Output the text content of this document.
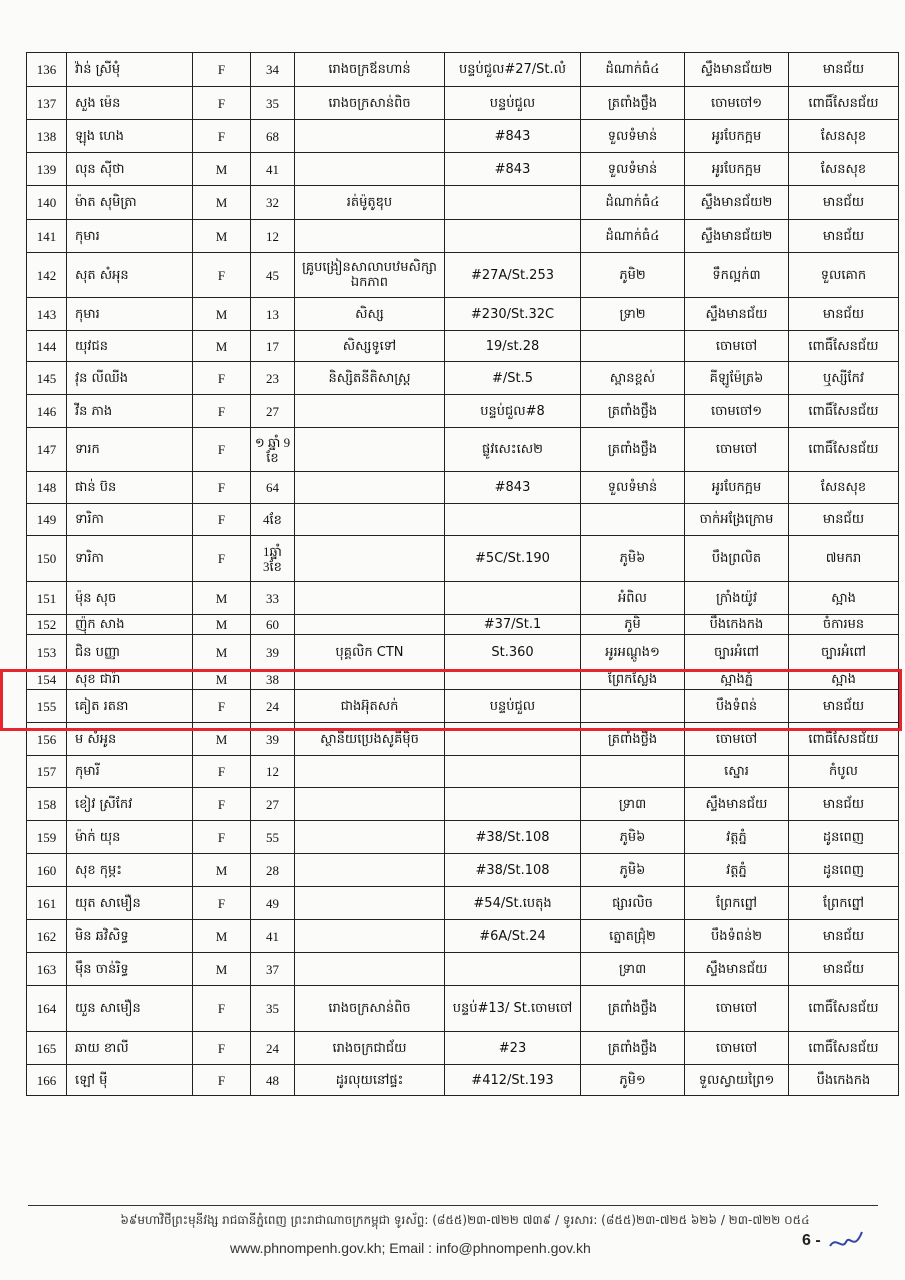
136	វ៉ាន់ ស្រីមុំ	F	34	រោងចក្រឪនហាន់	បន្ទប់ជួល#27/St.លំ	ដំណាក់ធំ៤	ស្ទឹងមានជ័យ២	មានជ័យ
137	សួង ម៉េន	F	35	រោងចក្រសាន់ពិច	បន្ទប់ជួល	ត្រពាំងថ្លឹង	ចោមចៅ១	ពោធិ៍សែនជ័យ
138	ឡុង ហេង	F	68		#843	ទួលទំមាន់	អូរបែកក្អម	សែនសុខ
139	លុន ស៊ីថា	M	41		#843	ទួលទំមាន់	អូរបែកក្អម	សែនសុខ
140	ម៉ាត សុមិត្រា	M	32	រត់ម៉ូតូឌុប		ដំណាក់ធំ៤	ស្ទឹងមានជ័យ២	មានជ័យ
141	កុមារ	M	12			ដំណាក់ធំ៤	ស្ទឹងមានជ័យ២	មានជ័យ
142	សុត សំអុន	F	45	គ្រូបង្រៀនសាលាបឋមសិក្សាឯកភាព	#27A/St.253	ភូមិ២	ទឹកល្អក់៣	ទួលគោក
143	កុមារ	M	13	សិស្ស	#230/St.32C	ទ្រា២	ស្ទឹងមានជ័យ	មានជ័យ
144	យុវជន	M	17	សិស្សទូទៅ	19/st.28		ចោមចៅ	ពោធិ៍សែនជ័យ
145	វុន លីឈីង	F	23	និស្សិតនីតិសាស្ត្រ	#/St.5	ស្ពានខ្ពស់	គីឡូម៉ែត្រ៦	ឬស្សីកែវ
146	វីន ភាង	F	27		បន្ទប់ជួល#8	ត្រពាំងថ្លឹង	ចោមចៅ១	ពោធិ៍សែនជ័យ
147	ទារក	F	១ ឆ្នាំ 9 ខែ		ផ្លូវសេះសេ២	ត្រពាំងថ្លឹង	ចោមចៅ	ពោធិ៍សែនជ័យ
148	ផាន់ ប៊ន	F	64		#843	ទួលទំមាន់	អូរបែកក្អម	សែនសុខ
149	ទារិកា	F	4ខែ				ចាក់អង្រែក្រោម	មានជ័យ
150	ទារិកា	F	1ឆ្នាំ 3ខែ		#5C/St.190	ភូមិ៦	បឹងព្រលិត	៧មករា
151	ម៉ុន សុច	M	33			អំពិល	ក្រាំងយ៉ូវ	ស្អាង
152	ញ៉ុក សាង	M	60		#37/St.1	ភូមិ	បឹងកេងកង	ចំការមន
153	ជិន បញ្ញា	M	39	បុគ្គលិក CTN	St.360	អូរអណ្ដូង១	ច្បារអំពៅ	ច្បារអំពៅ
154	សុខ ជារ៉ា	M	38			ព្រែកស្លែង	ស្អាងភ្នំ	ស្អាង
155	គៀត រតនា	F	24	ជាងអ៊ុតសក់	បន្ទប់ជួល		បឹងទំពន់	មានជ័យ
156	ម សំអូន	M	39	ស្ថានីយប្រេងសូគីម៉ិច		ត្រពាំងថ្លឹង	ចោមចៅ	ពោធិ៍សែនជ័យ
157	កុមារី	F	12				ស្នោរ	កំបូល
158	ខៀវ ស្រីកែវ	F	27			ទ្រា៣	ស្ទឹងមានជ័យ	មានជ័យ
159	ម៉ាក់ យុន	F	55		#38/St.108	ភូមិ៦	វត្តភ្នំ	ដូនពេញ
160	សុខ កុម្ភះ	M	28		#38/St.108	ភូមិ៦	វត្តភ្នំ	ដូនពេញ
161	យុត សាមឿន	F	49		#54/St.បេតុង	ផ្សារលិច	ព្រែកព្នៅ	ព្រែកព្នៅ
162	មិន ឆវិសិទ្ធ	M	41		#6A/St.24	ត្នោតជ្រុំ២	បឹងទំពន់២	មានជ័យ
163	ម៉ឹន ចាន់រិទ្ធ	M	37			ទ្រា៣	ស្ទឹងមានជ័យ	មានជ័យ
164	យួន សាមឿន	F	35	រោងចក្រសាន់ពិច	បន្ទប់#13/ St.ចោមចៅ	ត្រពាំងថ្លឹង	ចោមចៅ	ពោធិ៍សែនជ័យ
165	ឆាយ ខាលី	F	24	រោងចក្រជាជ័យ	#23	ត្រពាំងថ្លឹង	ចោមចៅ	ពោធិ៍សែនជ័យ
166	ឡៅ ម៉ី	F	48	ដូរលុយនៅផ្ទះ	#412/St.193	ភូមិ១	ទួលស្វាយព្រៃ១	បឹងកេងកង
៦៩មហាវិថីព្រះមុនីវង្ស រាជធានីភ្នំពេញ ព្រះរាជាណាចក្រកម្ពុជា ទូរស័ព្ទ: (៨៥៥)២៣-៧២២ ៧៣៩ / ទូរសារ: (៨៥៥)២៣-៧២៥ ៦២៦ / ២៣-៧២២ ០៥៤
www.phnompenh.gov.kh; Email : info@phnompenh.gov.kh	6 -
